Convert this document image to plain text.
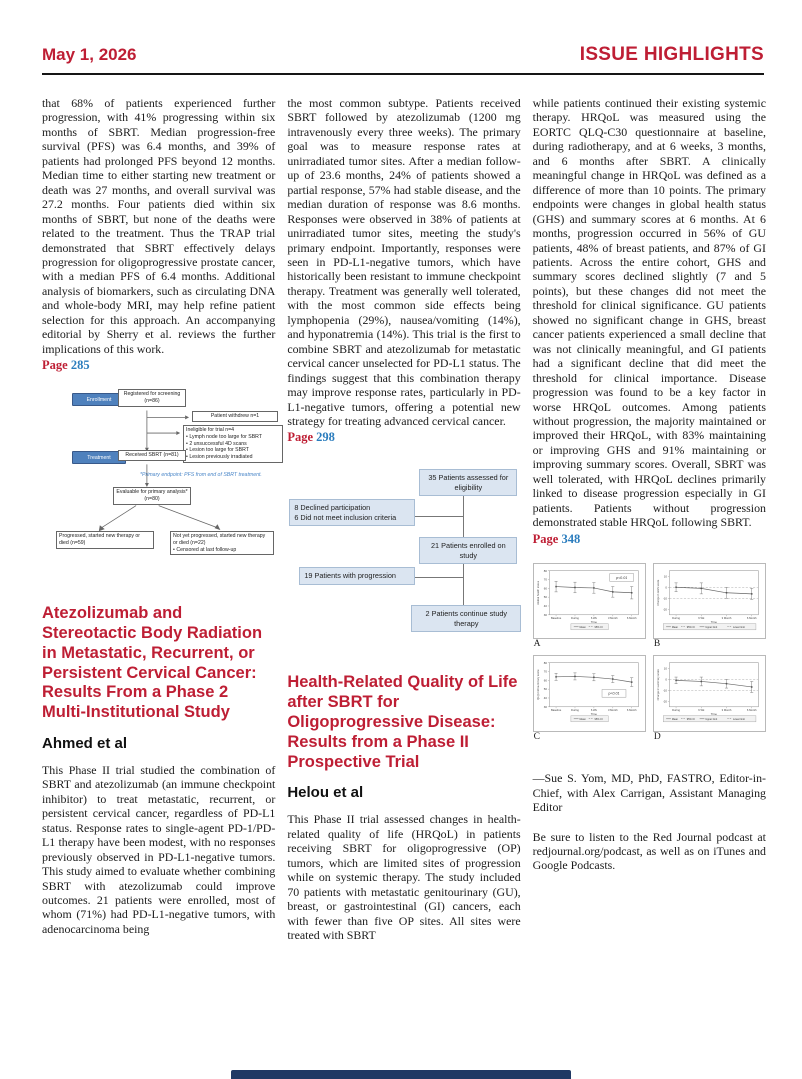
May 1, 2026	ISSUE HIGHLIGHTS

that 68% of patients experienced further progression, with 41% progressing within six months of SBRT. Median progression-free survival (PFS) was 6.4 months, and 39% of patients had prolonged PFS beyond 12 months. Median time to either starting new treatment or death was 27 months, and overall survival was 27.2 months. Four patients died within six months of SBRT, but none of the deaths were related to the treatment. Thus the TRAP trial demonstrated that SBRT effectively delays progression for oligoprogressive prostate cancer, with a median PFS of 6.4 months. Additional analysis of biomarkers, such as circulating DNA and whole-body MRI, may help refine patient selection for this approach. An accompanying editorial by Sherry et al. reviews the further implications of this work.

Page 285

Enrollment
Registered for screening (n=86)
Patient withdrew n=1
Ineligible for trial n=4
• Lymph node too large for SBRT
• 2 unsuccessful 4D scans
• Lesion too large for SBRT
• Lesion previously irradiated
Treatment	Received SBRT (n=81)
*Primary endpoint: PFS from end of SBRT treatment.
Evaluable for primary analysis* (n=80)
Progressed, started new therapy or died (n=59)
Not yet progressed, started new therapy or died (n=22)
• Censored at last follow-up
Atezolizumab and Stereotactic Body Radiation in Metastatic, Recurrent, or Persistent Cervical Cancer: Results From a Phase 2 Multi-Institutional Study
Ahmed et al

This Phase II trial studied the combination of SBRT and atezolizumab (an immune checkpoint inhibitor) to treat metastatic, recurrent, or persistent cervical cancer, regardless of PD-L1 status. Response rates to single-agent PD-1/PD-L1 therapy have been modest, with no responses previously observed in PD-L1-negative tumors. This study aimed to evaluate whether combining SBRT with atezolizumab could improve outcomes. 21 patients were enrolled, most of whom (71%) had PD-L1-negative tumors, with adenocarcinoma being

the most common subtype. Patients received SBRT followed by atezolizumab (1200 mg intravenously every three weeks). The primary goal was to measure response rates at unirradiated tumor sites. After a median follow-up of 23.6 months, 24% of patients showed a partial response, 57% had stable disease, and the median duration of response was 8.6 months. Responses were observed in 38% of patients at unirradiated tumor sites, meeting the study's primary endpoint. Importantly, responses were seen in PD-L1-negative tumors, which have historically been resistant to immune checkpoint therapy. Treatment was generally well tolerated, with the most common side effects being lymphopenia (29%), nausea/vomiting (14%), and hyponatremia (14%). This trial is the first to combine SBRT and atezolizumab for metastatic cervical cancer unselected for PD-L1 status. The findings suggest that this combination therapy may improve response rates, particularly in PD-L1-negative tumors, offering a potential new strategy for treating advanced cervical cancer.

Page 298

35 Patients assessed for eligibility
8 Declined participation
6 Did not meet inclusion criteria
21 Patients enrolled on study
19 Patients with progression
2 Patients continue study therapy
Health-Related Quality of Life after SBRT for Oligoprogressive Disease: Results from a Phase II Prospective Trial
Helou et al

This Phase II trial assessed changes in health-related quality of life (HRQoL) in patients receiving SBRT for oligoprogressive (OP) tumors, which are limited sites of progression while on systemic therapy. The study included 70 patients with metastatic genitourinary (GU), breast, or gastrointestinal (GI) cancers, each with fewer than five OP sites. All sites were treated with SBRT

while patients continued their existing systemic therapy. HRQoL was measured using the EORTC QLQ-C30 questionnaire at baseline, during radiotherapy, and at 6 weeks, 3 months, and 6 months after SBRT. A clinically meaningful change in HRQoL was defined as a difference of more than 10 points. The primary endpoints were changes in global health status (GHS) and summary scores at 6 months. At 6 months, progression occurred in 56% of GU patients, 48% of breast patients, and 87% of GI patients. Across the entire cohort, GHS and summary scores declined slightly (7 and 5 points), but these changes did not meet the threshold for clinical significance. GU patients showed no significant change in GHS, breast cancer patients experienced a small decline that was not clinically meaningful, and GI patients had a significant decline that did meet the threshold for clinical importance. Disease progression was found to be a key factor in worse HRQoL outcomes. Among patients without progression, the majority maintained or improved their HRQoL, with 83% maintaining or improving GHS and 91% maintaining or improving summary scores. Overall, SBRT was well tolerated, with HRQoL declines primarily linked to disease progression especially in GI patients. Patients without progression demonstrated stable HRQoL following SBRT.

Page 348

30
40
50
60
70
80
Baseline	During	6 Wk	3 Month	6 Month
Time
Global health status
p<0.01
Mean	95% CI
A
-20
-10
0
10
During	6 Wk	3 Month	6 Month
Time
Change in GHS score
Mean	95% CI	Upper limit	Lower limit
B
30
40
50
60
70
80
Baseline	During	6 Wk	3 Month	6 Month
Time
QLQ-C30 summary score	p<0.01
Mean	95% CI
C
-20
-10
0
10
During	6 Wk	3 Month	6 Month
Time
Change in summary score
Mean	95% CI	Upper limit	Lower limit
D

—Sue S. Yom, MD, PhD, FASTRO, Editor-in-Chief, with Alex Carrigan, Assistant Managing Editor

Be sure to listen to the Red Journal podcast at redjournal.org/podcast, as well as on iTunes and Google Podcasts.
